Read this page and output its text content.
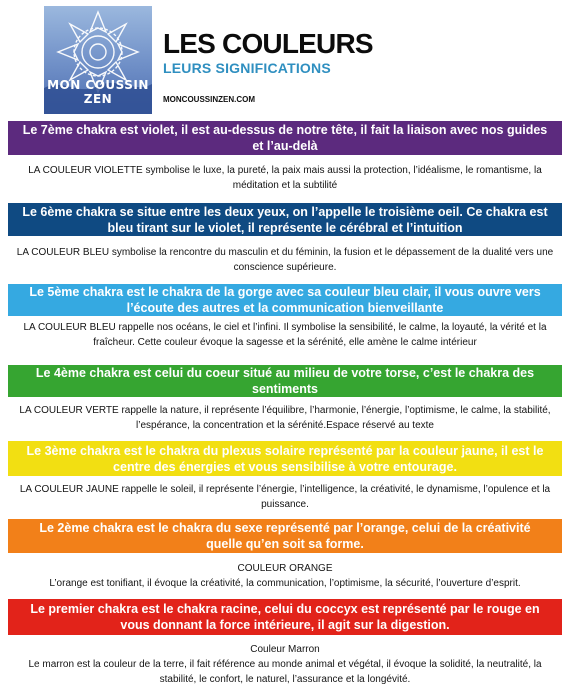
MON COUSSIN ZEN
LES COULEURS
LEURS SIGNIFICATIONS
MONCOUSSINZEN.COM
Le 7ème chakra est violet, il est au-dessus de notre tête, il fait la liaison avec nos guides et l’au-delà
LA COULEUR VIOLETTE symbolise le luxe, la pureté, la paix mais aussi la protection, l’idéalisme, le romantisme, la méditation et la subtilité
Le 6ème chakra se situe entre les deux yeux, on l’appelle le troisième oeil. Ce chakra est bleu tirant sur le violet, il représente le cérébral et l’intuition
LA COULEUR BLEU symbolise la rencontre du masculin et du féminin, la fusion et le dépassement de la dualité vers une conscience supérieure.
Le 5ème chakra est le chakra de la gorge avec sa couleur bleu clair, il vous ouvre vers l’écoute des autres et la communication bienveillante
LA COULEUR BLEU rappelle nos océans, le ciel et l’infini. Il symbolise la sensibilité, le calme, la loyauté, la vérité et la fraîcheur. Cette couleur évoque la sagesse et la sérénité, elle amène le calme intérieur
Le 4ème chakra est celui du coeur situé au milieu de votre torse, c’est le chakra des sentiments
LA COULEUR VERTE rappelle la nature, il représente l’équilibre, l’harmonie, l’énergie, l’optimisme, le calme, la stabilité, l’espérance, la concentration et la sérénité.Espace réservé au texte
Le 3ème chakra est le chakra du plexus solaire représenté par la couleur jaune, il est le centre des énergies et vous sensibilise à votre entourage.
LA COULEUR JAUNE rappelle le soleil, il représente l’énergie, l’intelligence, la créativité, le dynamisme, l’opulence et la puissance.
Le 2ème chakra est le chakra du sexe représenté par l’orange, celui de la créativité quelle qu’en soit sa forme.
COULEUR ORANGE
L’orange est tonifiant, il évoque la créativité, la communication, l’optimisme, la sécurité, l’ouverture d’esprit.
Le premier chakra est le chakra racine, celui du coccyx est représenté par le rouge en vous donnant la force intérieure, il agit sur la digestion.
Couleur Marron
Le marron est la couleur de la terre, il fait référence au monde animal et végétal, il évoque la solidité, la neutralité, la stabilité, le confort, le naturel, l’assurance et la longévité.
